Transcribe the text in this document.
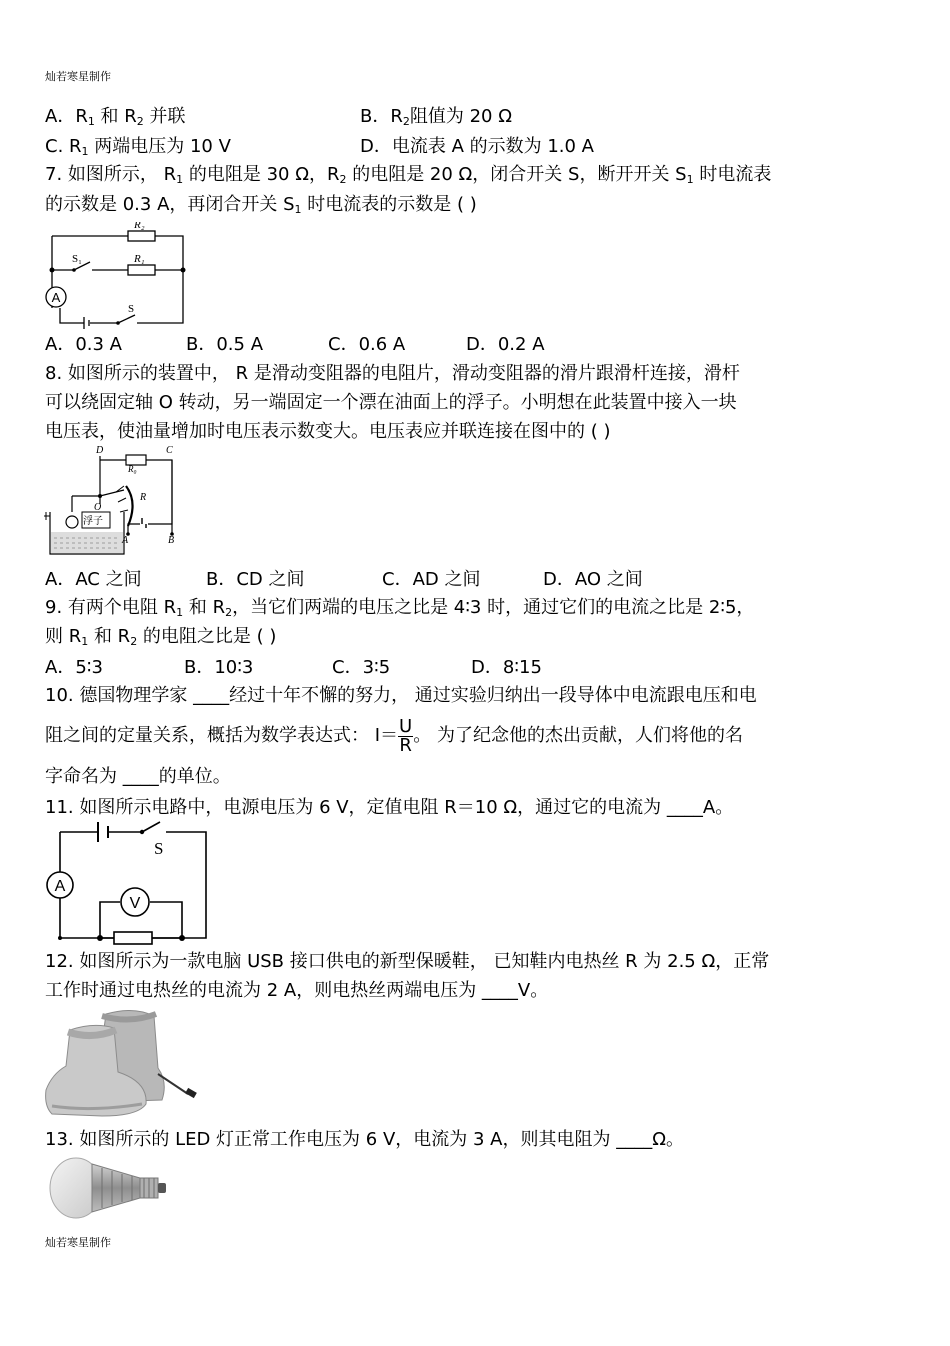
灿若寒星制作
A．$R_1$ 和 $R_2$ 并联	B．$R_2$阻值为 20 Ω
C. $R_1$ 两端电压为 10 V	D．电流表 A 的示数为 1.0 A
7. 如图所示， $R_1$ 的电阻是 30 Ω，$R_2$ 的电阻是 20 Ω，闭合开关 S，断开开关 $S_1$ 时电流表
的示数是 0.3 A，再闭合开关 $S_1$ 时电流表的示数是 ( )
A
R₂
R₁
S₁
S
A．0.3 A	B．0.5 A	C．0.6 A	D．0.2 A
8. 如图所示的装置中， R 是滑动变阻器的电阻片，滑动变阻器的滑片跟滑杆连接，滑杆
可以绕固定轴 O 转动，另一端固定一个漂在油面上的浮子。小明想在此装置中接入一块
电压表，使油量增加时电压表示数变大。电压表应并联连接在图中的 ( )
D	C
R₀
R
O
浮子
A	B
A．AC 之间	B．CD 之间	C．AD 之间	D．AO 之间
9. 有两个电阻 $R_1$ 和 $R_2$，当它们两端的电压之比是 4∶3 时，通过它们的电流之比是 2∶5，
则 $R_1$ 和 $R_2$ 的电阻之比是 ( )
A．5∶3	B．10∶3	C．3∶5	D．8∶15
10. 德国物理学家 ____经过十年不懈的努力， 通过实验归纳出一段导体中电流跟电压和电
阻之间的定量关系，概括为数学表达式： $I= \frac{U}{R}$ 。 为了纪念他的杰出贡献，人们将他的名
字命名为 ____的单位。
11. 如图所示电路中，电源电压为 6 V，定值电阻 R＝10 Ω，通过它的电流为 ____A。
A
V
S
12. 如图所示为一款电脑 USB 接口供电的新型保暖鞋， 已知鞋内电热丝 R 为 2.5 Ω，正常
工作时通过电热丝的电流为 2 A，则电热丝两端电压为 ____V。
13. 如图所示的 LED 灯正常工作电压为 6 V，电流为 3 A，则其电阻为 ____Ω。
灿若寒星制作
